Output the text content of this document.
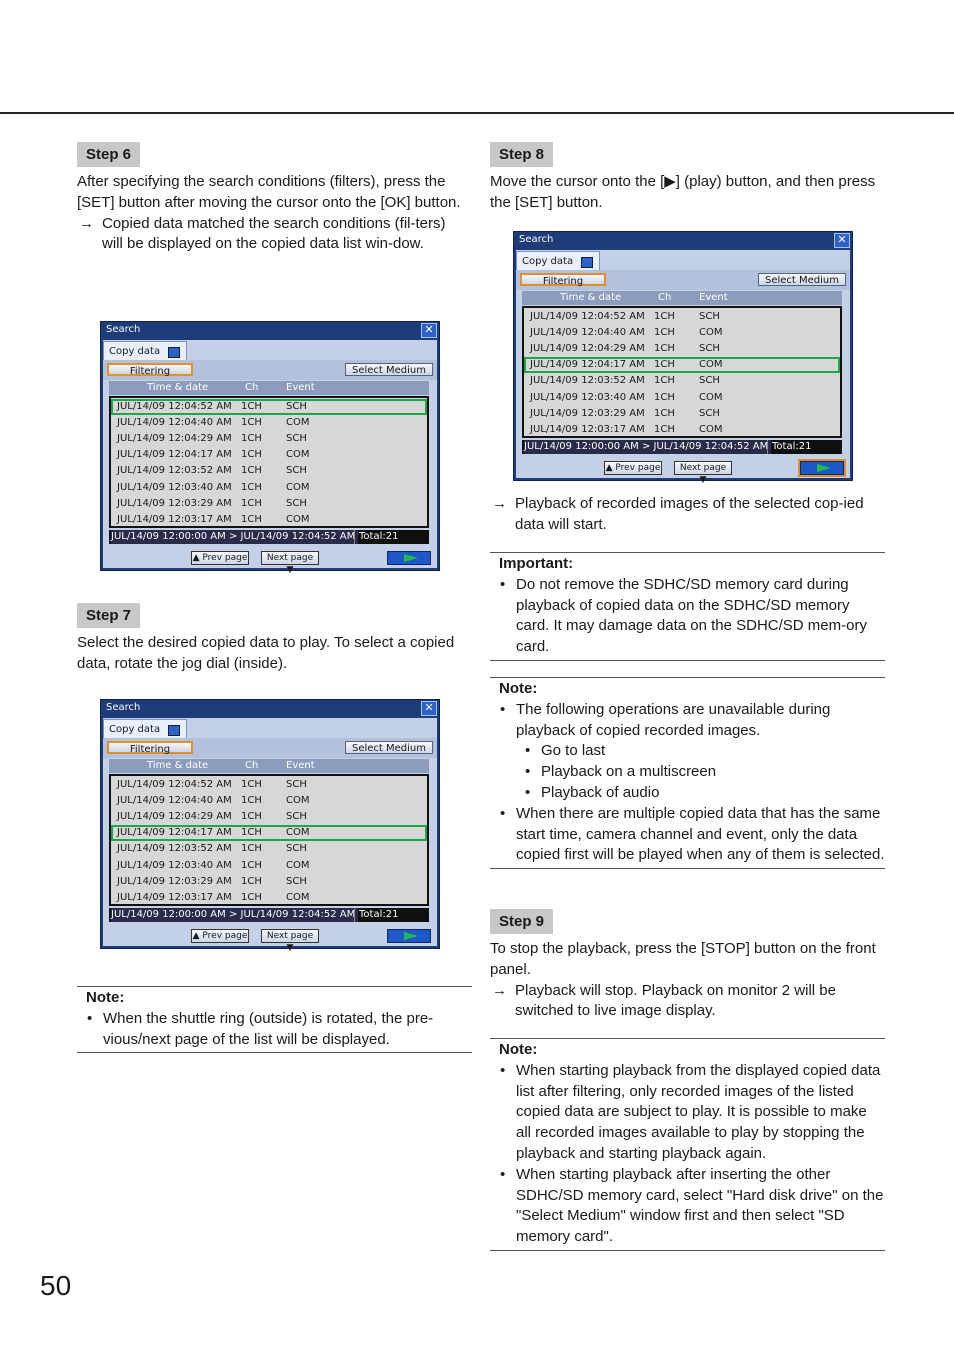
Step 6

After specifying the search conditions (filters), press the [SET] button after moving the cursor onto the [OK] button.

→ Copied data matched the search conditions (fil-ters) will be displayed on the copied data list win-dow.
Search	✕
Copy data
Filtering	Select Medium
Time & date	Ch	Event
JUL/14/09 12:04:52 AM 1CH SCH
JUL/14/09 12:04:40 AM 1CH COM
JUL/14/09 12:04:29 AM 1CH SCH
JUL/14/09 12:04:17 AM 1CH COM
JUL/14/09 12:03:52 AM 1CH SCH
JUL/14/09 12:03:40 AM 1CH COM
JUL/14/09 12:03:29 AM 1CH SCH
JUL/14/09 12:03:17 AM 1CH COM
JUL/14/09 12:00:00 AM > JUL/14/09 12:04:52 AM Total:21
▲ Prev page	Next page ▼
Step 7

Select the desired copied data to play. To select a copied data, rotate the jog dial (inside).

Search	✕
Copy data
Filtering	Select Medium
Time & date	Ch	Event
JUL/14/09 12:04:52 AM 1CH SCH
JUL/14/09 12:04:40 AM 1CH COM
JUL/14/09 12:04:29 AM 1CH SCH
JUL/14/09 12:04:17 AM 1CH COM
JUL/14/09 12:03:52 AM 1CH SCH
JUL/14/09 12:03:40 AM 1CH COM
JUL/14/09 12:03:29 AM 1CH SCH
JUL/14/09 12:03:17 AM 1CH COM
JUL/14/09 12:00:00 AM > JUL/14/09 12:04:52 AM Total:21
▲ Prev page	Next page ▼
Note:
• When the shuttle ring (outside) is rotated, the pre-vious/next page of the list will be displayed.
Step 8

Move the cursor onto the [▶] (play) button, and then press the [SET] button.

Search	✕
Copy data
Filtering	Select Medium
Time & date	Ch	Event
JUL/14/09 12:04:52 AM 1CH SCH
JUL/14/09 12:04:40 AM 1CH COM
JUL/14/09 12:04:29 AM 1CH SCH
JUL/14/09 12:04:17 AM 1CH COM
JUL/14/09 12:03:52 AM 1CH SCH
JUL/14/09 12:03:40 AM 1CH COM
JUL/14/09 12:03:29 AM 1CH SCH
JUL/14/09 12:03:17 AM 1CH COM
JUL/14/09 12:00:00 AM > JUL/14/09 12:04:52 AM Total:21
▲ Prev page	Next page ▼
→ Playback of recorded images of the selected cop-ied data will start.
Important:
• Do not remove the SDHC/SD memory card during playback of copied data on the SDHC/SD memory card. It may damage data on the SDHC/SD mem-ory card.
Note:
• The following operations are unavailable during playback of copied recorded images.
• Go to last
• Playback on a multiscreen
• Playback of audio
• When there are multiple copied data that has the same start time, camera channel and event, only the data copied first will be played when any of them is selected.
Step 9

To stop the playback, press the [STOP] button on the front panel.

→ Playback will stop. Playback on monitor 2 will be switched to live image display.
Note:
• When starting playback from the displayed copied data list after filtering, only recorded images of the listed copied data are subject to play. It is possible to make all recorded images available to play by stopping the playback and starting playback again.
• When starting playback after inserting the other SDHC/SD memory card, select "Hard disk drive" on the "Select Medium" window first and then select "SD memory card".
50
